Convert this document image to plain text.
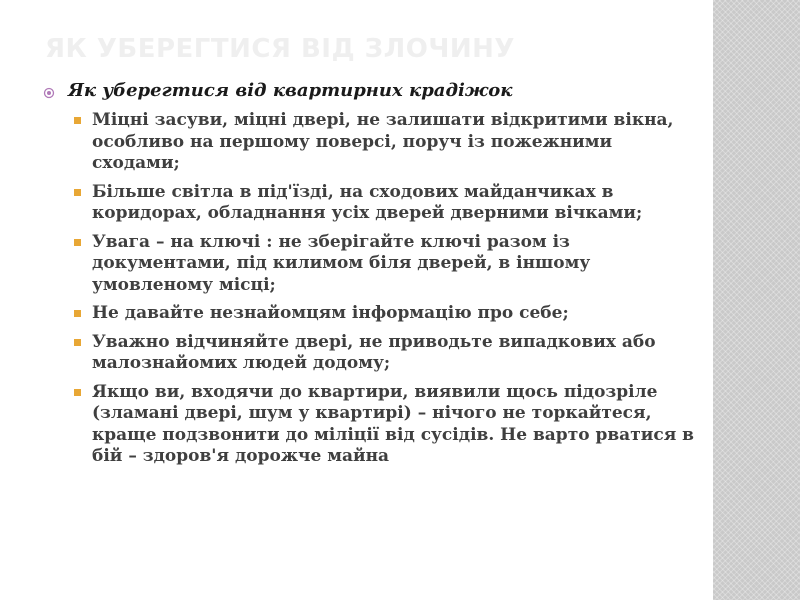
ЯК УБЕРЕГТИСЯ ВІД ЗЛОЧИНУ
Як уберегтися від квартирних крадіжок
Міцні засуви, міцні двері, не залишати відкритими вікна, особливо на першому поверсі, поруч із пожежними сходами;
Більше світла в під'їзді, на сходових майданчиках в коридорах, обладнання усіх дверей дверними вічками;
Увага – на ключі : не зберігайте ключі разом із документами, під килимом біля дверей, в іншому умовленому місці;
Не давайте незнайомцям інформацію про себе;
Уважно відчиняйте двері, не приводьте випадкових або малознайомих людей додому;
Якщо ви, входячи до квартири, виявили щось підозріле (зламані двері, шум у квартирі) – нічого не торкайтеся, краще подзвонити до міліції від сусідів. Не варто рватися в бій – здоров'я дорожче майна
